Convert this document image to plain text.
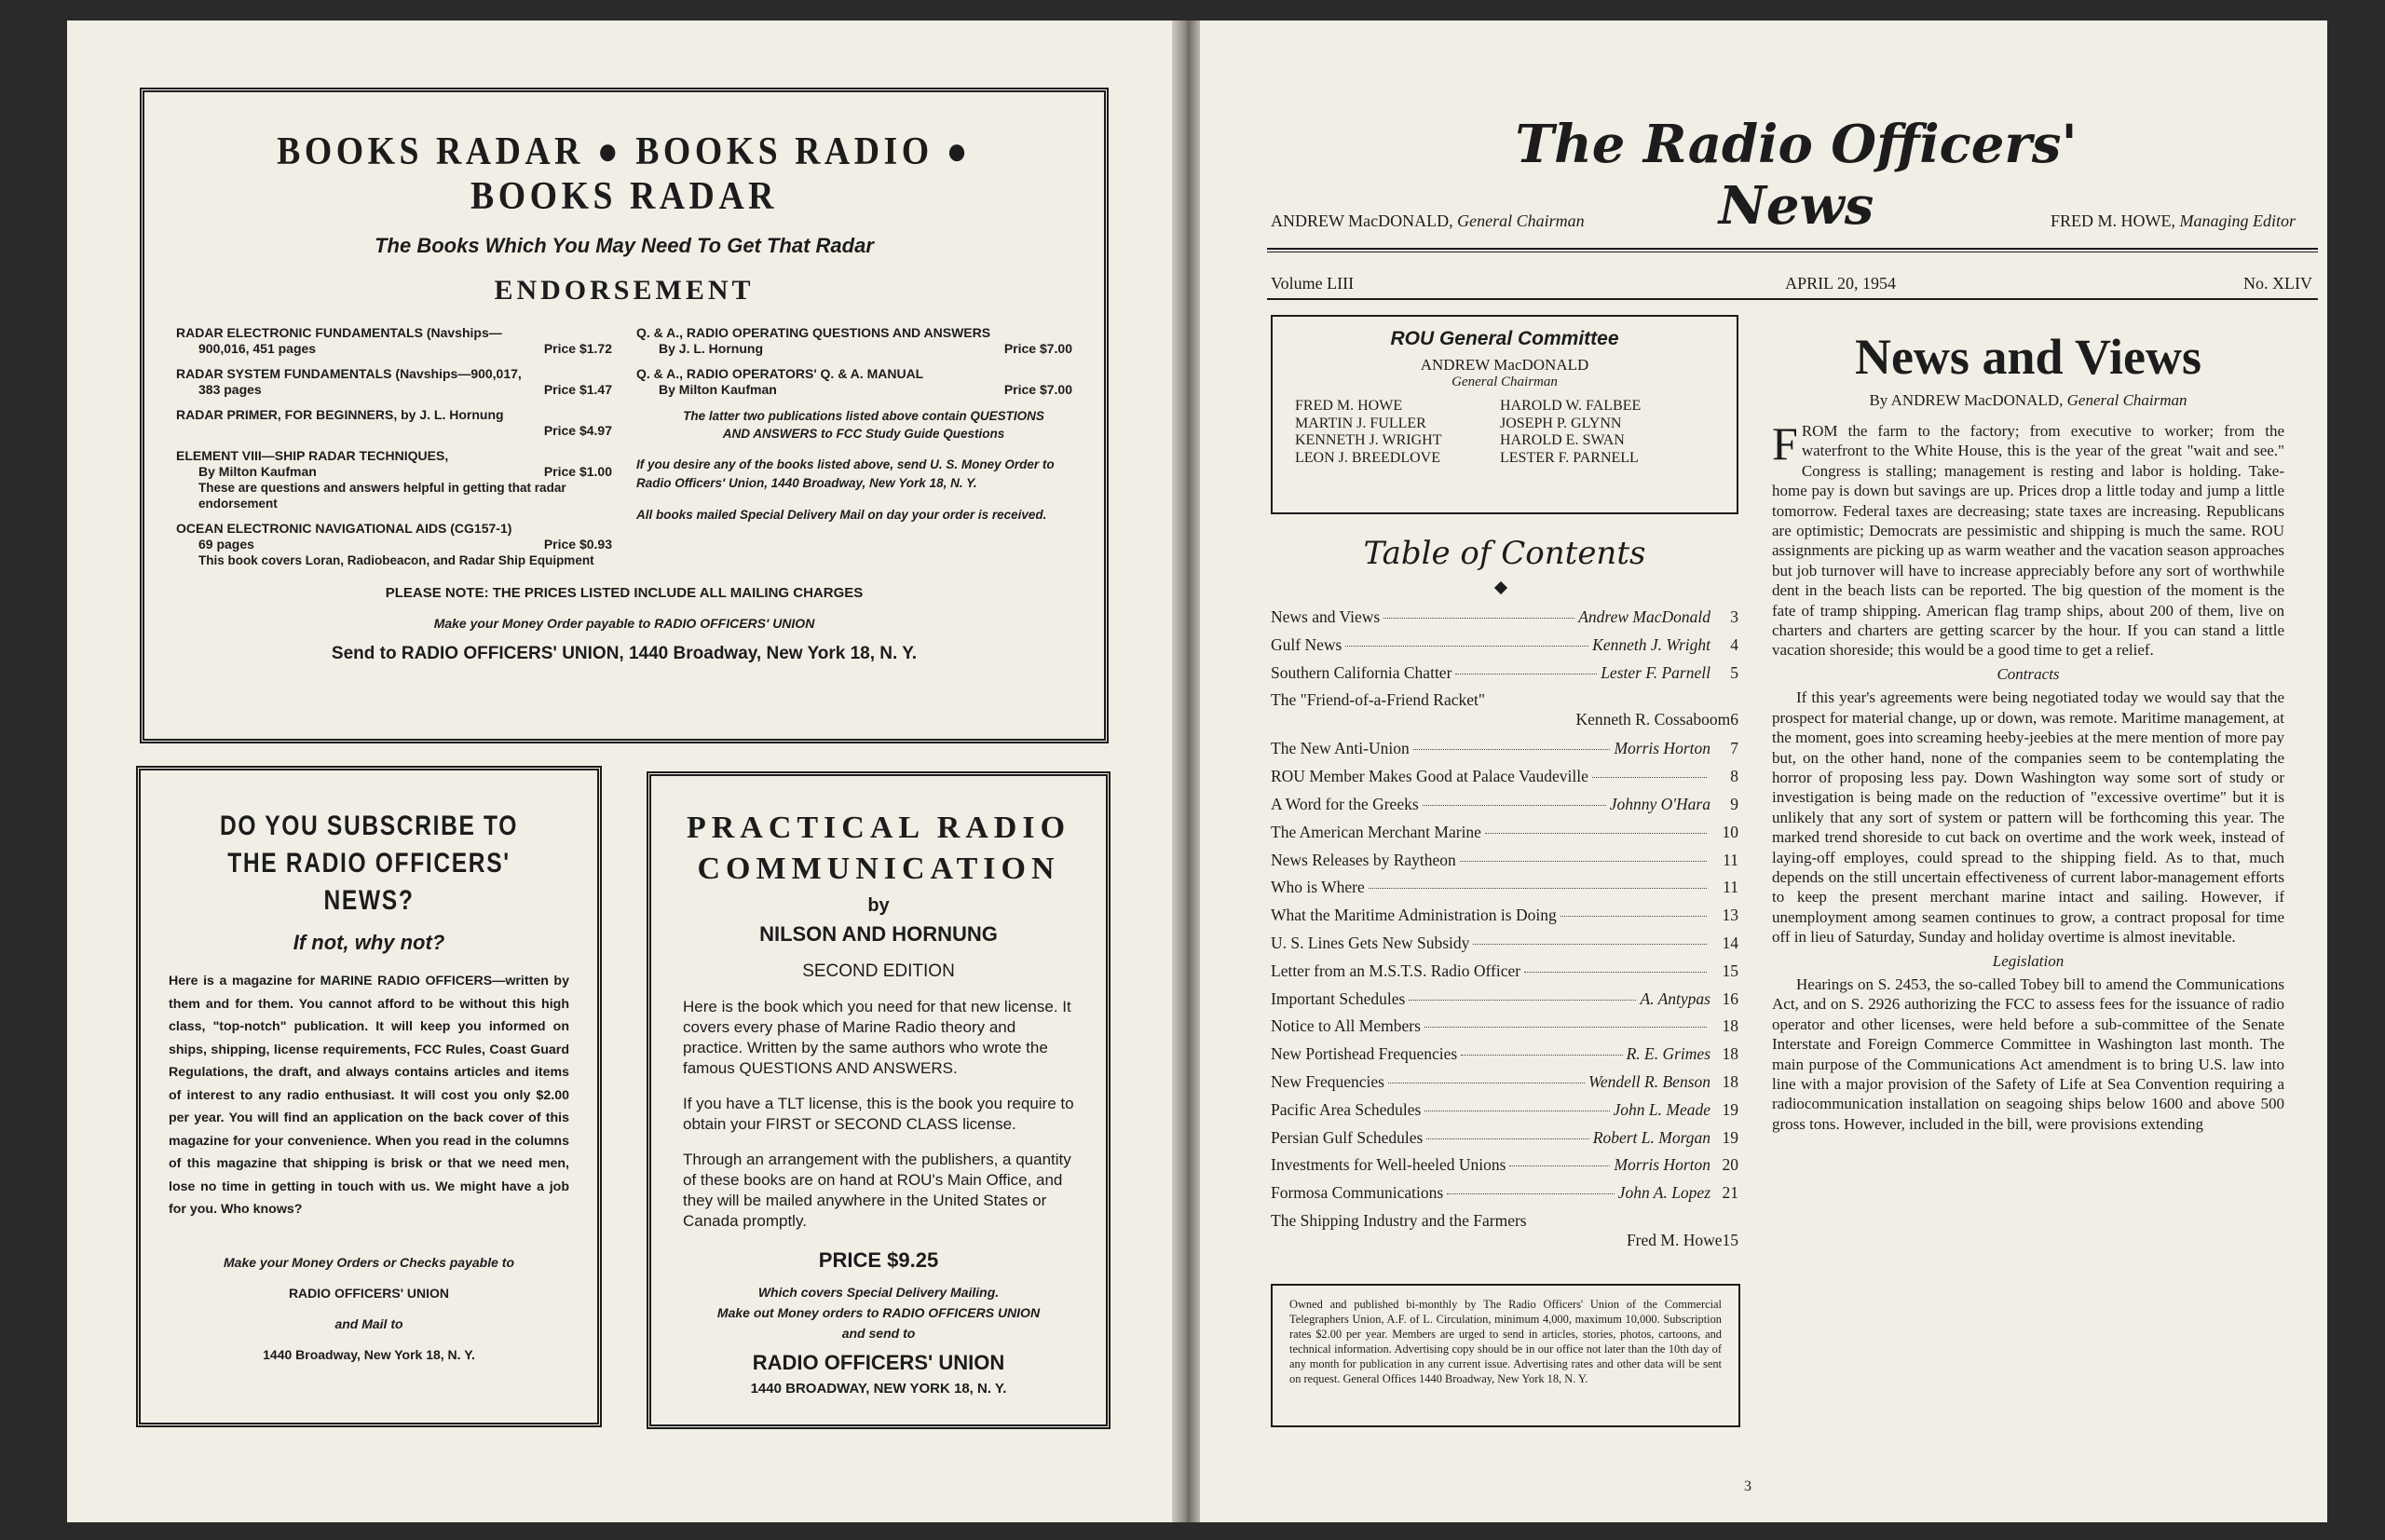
BOOKS RADAR ● BOOKS RADIO ● BOOKS RADAR
The Books Which You May Need To Get That Radar
ENDORSEMENT
RADAR ELECTRONIC FUNDAMENTALS (Navships—
900,016, 451 pages	Price $1.72
RADAR SYSTEM FUNDAMENTALS (Navships—900,017,
383 pages	Price $1.47
RADAR PRIMER, FOR BEGINNERS, by J. L. Hornung
Price $4.97
ELEMENT VIII—SHIP RADAR TECHNIQUES,
By Milton Kaufman	Price $1.00
These are questions and answers helpful in getting that radar endorsement
OCEAN ELECTRONIC NAVIGATIONAL AIDS (CG157-1)
69 pages	Price $0.93
This book covers Loran, Radiobeacon, and Radar Ship Equipment
Q. & A., RADIO OPERATING QUESTIONS AND ANSWERS
By J. L. Hornung	Price $7.00
Q. & A., RADIO OPERATORS' Q. & A. MANUAL
By Milton Kaufman	Price $7.00
The latter two publications listed above contain QUESTIONS AND ANSWERS to FCC Study Guide Questions
If you desire any of the books listed above, send U. S. Money Order to Radio Officers' Union, 1440 Broadway, New York 18, N. Y.
All books mailed Special Delivery Mail on day your order is received.
PLEASE NOTE: THE PRICES LISTED INCLUDE ALL MAILING CHARGES
Make your Money Order payable to RADIO OFFICERS' UNION
Send to RADIO OFFICERS' UNION, 1440 Broadway, New York 18, N. Y.
DO YOU SUBSCRIBE TO
THE RADIO OFFICERS' NEWS?
If not, why not?
Here is a magazine for MARINE RADIO OFFICERS—written by them and for them. You cannot afford to be without this high class, "top-notch" publication. It will keep you informed on ships, shipping, license requirements, FCC Rules, Coast Guard Regulations, the draft, and always contains articles and items of interest to any radio enthusiast. It will cost you only $2.00 per year. You will find an application on the back cover of this magazine for your convenience. When you read in the columns of this magazine that shipping is brisk or that we need men, lose no time in getting in touch with us. We might have a job for you. Who knows?
Make your Money Orders or Checks payable to
RADIO OFFICERS' UNION
and Mail to
1440 Broadway, New York 18, N. Y.
PRACTICAL RADIO
COMMUNICATION
by
NILSON AND HORNUNG
SECOND EDITION
Here is the book which you need for that new license. It covers every phase of Marine Radio theory and practice. Written by the same authors who wrote the famous QUESTIONS AND ANSWERS.
If you have a TLT license, this is the book you require to obtain your FIRST or SECOND CLASS license.
Through an arrangement with the publishers, a quantity of these books are on hand at ROU's Main Office, and they will be mailed anywhere in the United States or Canada promptly.
PRICE $9.25
Which covers Special Delivery Mailing.
Make out Money orders to RADIO OFFICERS UNION
and send to
RADIO OFFICERS' UNION
1440 BROADWAY, NEW YORK 18, N. Y.
The Radio Officers' News
ANDREW MacDONALD, General Chairman	FRED M. HOWE, Managing Editor
Volume LIII	APRIL 20, 1954	No. XLIV
ROU General Committee
ANDREW MacDONALD
General Chairman
FRED M. HOWE	HAROLD W. FALBEE
MARTIN J. FULLER	JOSEPH P. GLYNN
KENNETH J. WRIGHT	HAROLD E. SWAN
LEON J. BREEDLOVE	LESTER F. PARNELL
Table of Contents
News and Views	Andrew MacDonald	3
Gulf News	Kenneth J. Wright	4
Southern California Chatter	Lester F. Parnell	5
The "Friend-of-a-Friend Racket"
Kenneth R. Cossaboom 6
The New Anti-Union	Morris Horton	7
ROU Member Makes Good at Palace Vaudeville	8
A Word for the Greeks	Johnny O'Hara	9
The American Merchant Marine	10
News Releases by Raytheon	11
Who is Where	11
What the Maritime Administration is Doing	13
U. S. Lines Gets New Subsidy	14
Letter from an M.S.T.S. Radio Officer	15
Important Schedules	A. Antypas 16
Notice to All Members	18
New Portishead Frequencies	R. E. Grimes 18
New Frequencies	Wendell R. Benson 18
Pacific Area Schedules	John L. Meade 19
Persian Gulf Schedules	Robert L. Morgan 19
Investments for Well-heeled Unions	Morris Horton 20
Formosa Communications	John A. Lopez 21
The Shipping Industry and the Farmers
Fred M. Howe 15
Owned and published bi-monthly by The Radio Officers' Union of the Commercial Telegraphers Union, A.F. of L. Circulation, minimum 4,000, maximum 10,000. Subscription rates $2.00 per year. Members are urged to send in articles, stories, photos, cartoons, and technical information. Advertising copy should be in our office not later than the 10th day of any month for publication in any current issue. Advertising rates and other data will be sent on request. General Offices 1440 Broadway, New York 18, N. Y.
3
News and Views
By ANDREW MacDONALD, General Chairman

FROM the farm to the factory; from executive to worker; from the waterfront to the White House, this is the year of the great "wait and see." Congress is stalling; management is resting and labor is holding. Take-home pay is down but savings are up. Prices drop a little today and jump a little tomorrow. Federal taxes are decreasing; state taxes are increasing. Republicans are optimistic; Democrats are pessimistic and shipping is much the same. ROU assignments are picking up as warm weather and the vacation season approaches but job turnover will have to increase appreciably before any sort of worthwhile dent in the beach lists can be reported. The big question of the moment is the fate of tramp shipping. American flag tramp ships, about 200 of them, live on charters and charters are getting scarcer by the hour. If you can stand a little vacation shoreside; this would be a good time to get a relief.

Contracts

If this year's agreements were being negotiated today we would say that the prospect for material change, up or down, was remote. Maritime management, at the moment, goes into screaming heeby-jeebies at the mere mention of more pay but, on the other hand, none of the companies seem to be contemplating the horror of proposing less pay. Down Washington way some sort of study or investigation is being made on the reduction of "excessive overtime" but it is unlikely that any sort of system or pattern will be forthcoming this year. The marked trend shoreside to cut back on overtime and the work week, instead of laying-off employes, could spread to the shipping field. As to that, much depends on the still uncertain effectiveness of current labor-management efforts to keep the present merchant marine intact and sailing. However, if unemployment among seamen continues to grow, a contract proposal for time off in lieu of Saturday, Sunday and holiday overtime is almost inevitable.

Legislation

Hearings on S. 2453, the so-called Tobey bill to amend the Communications Act, and on S. 2926 authorizing the FCC to assess fees for the issuance of radio operator and other licenses, were held before a sub-committee of the Senate Interstate and Foreign Commerce Committee in Washington last month. The main purpose of the Communications Act amendment is to bring U.S. law into line with a major provision of the Safety of Life at Sea Convention requiring a radiocommunication installation on seagoing ships below 1600 and above 500 gross tons. However, included in the bill, were provisions extending
